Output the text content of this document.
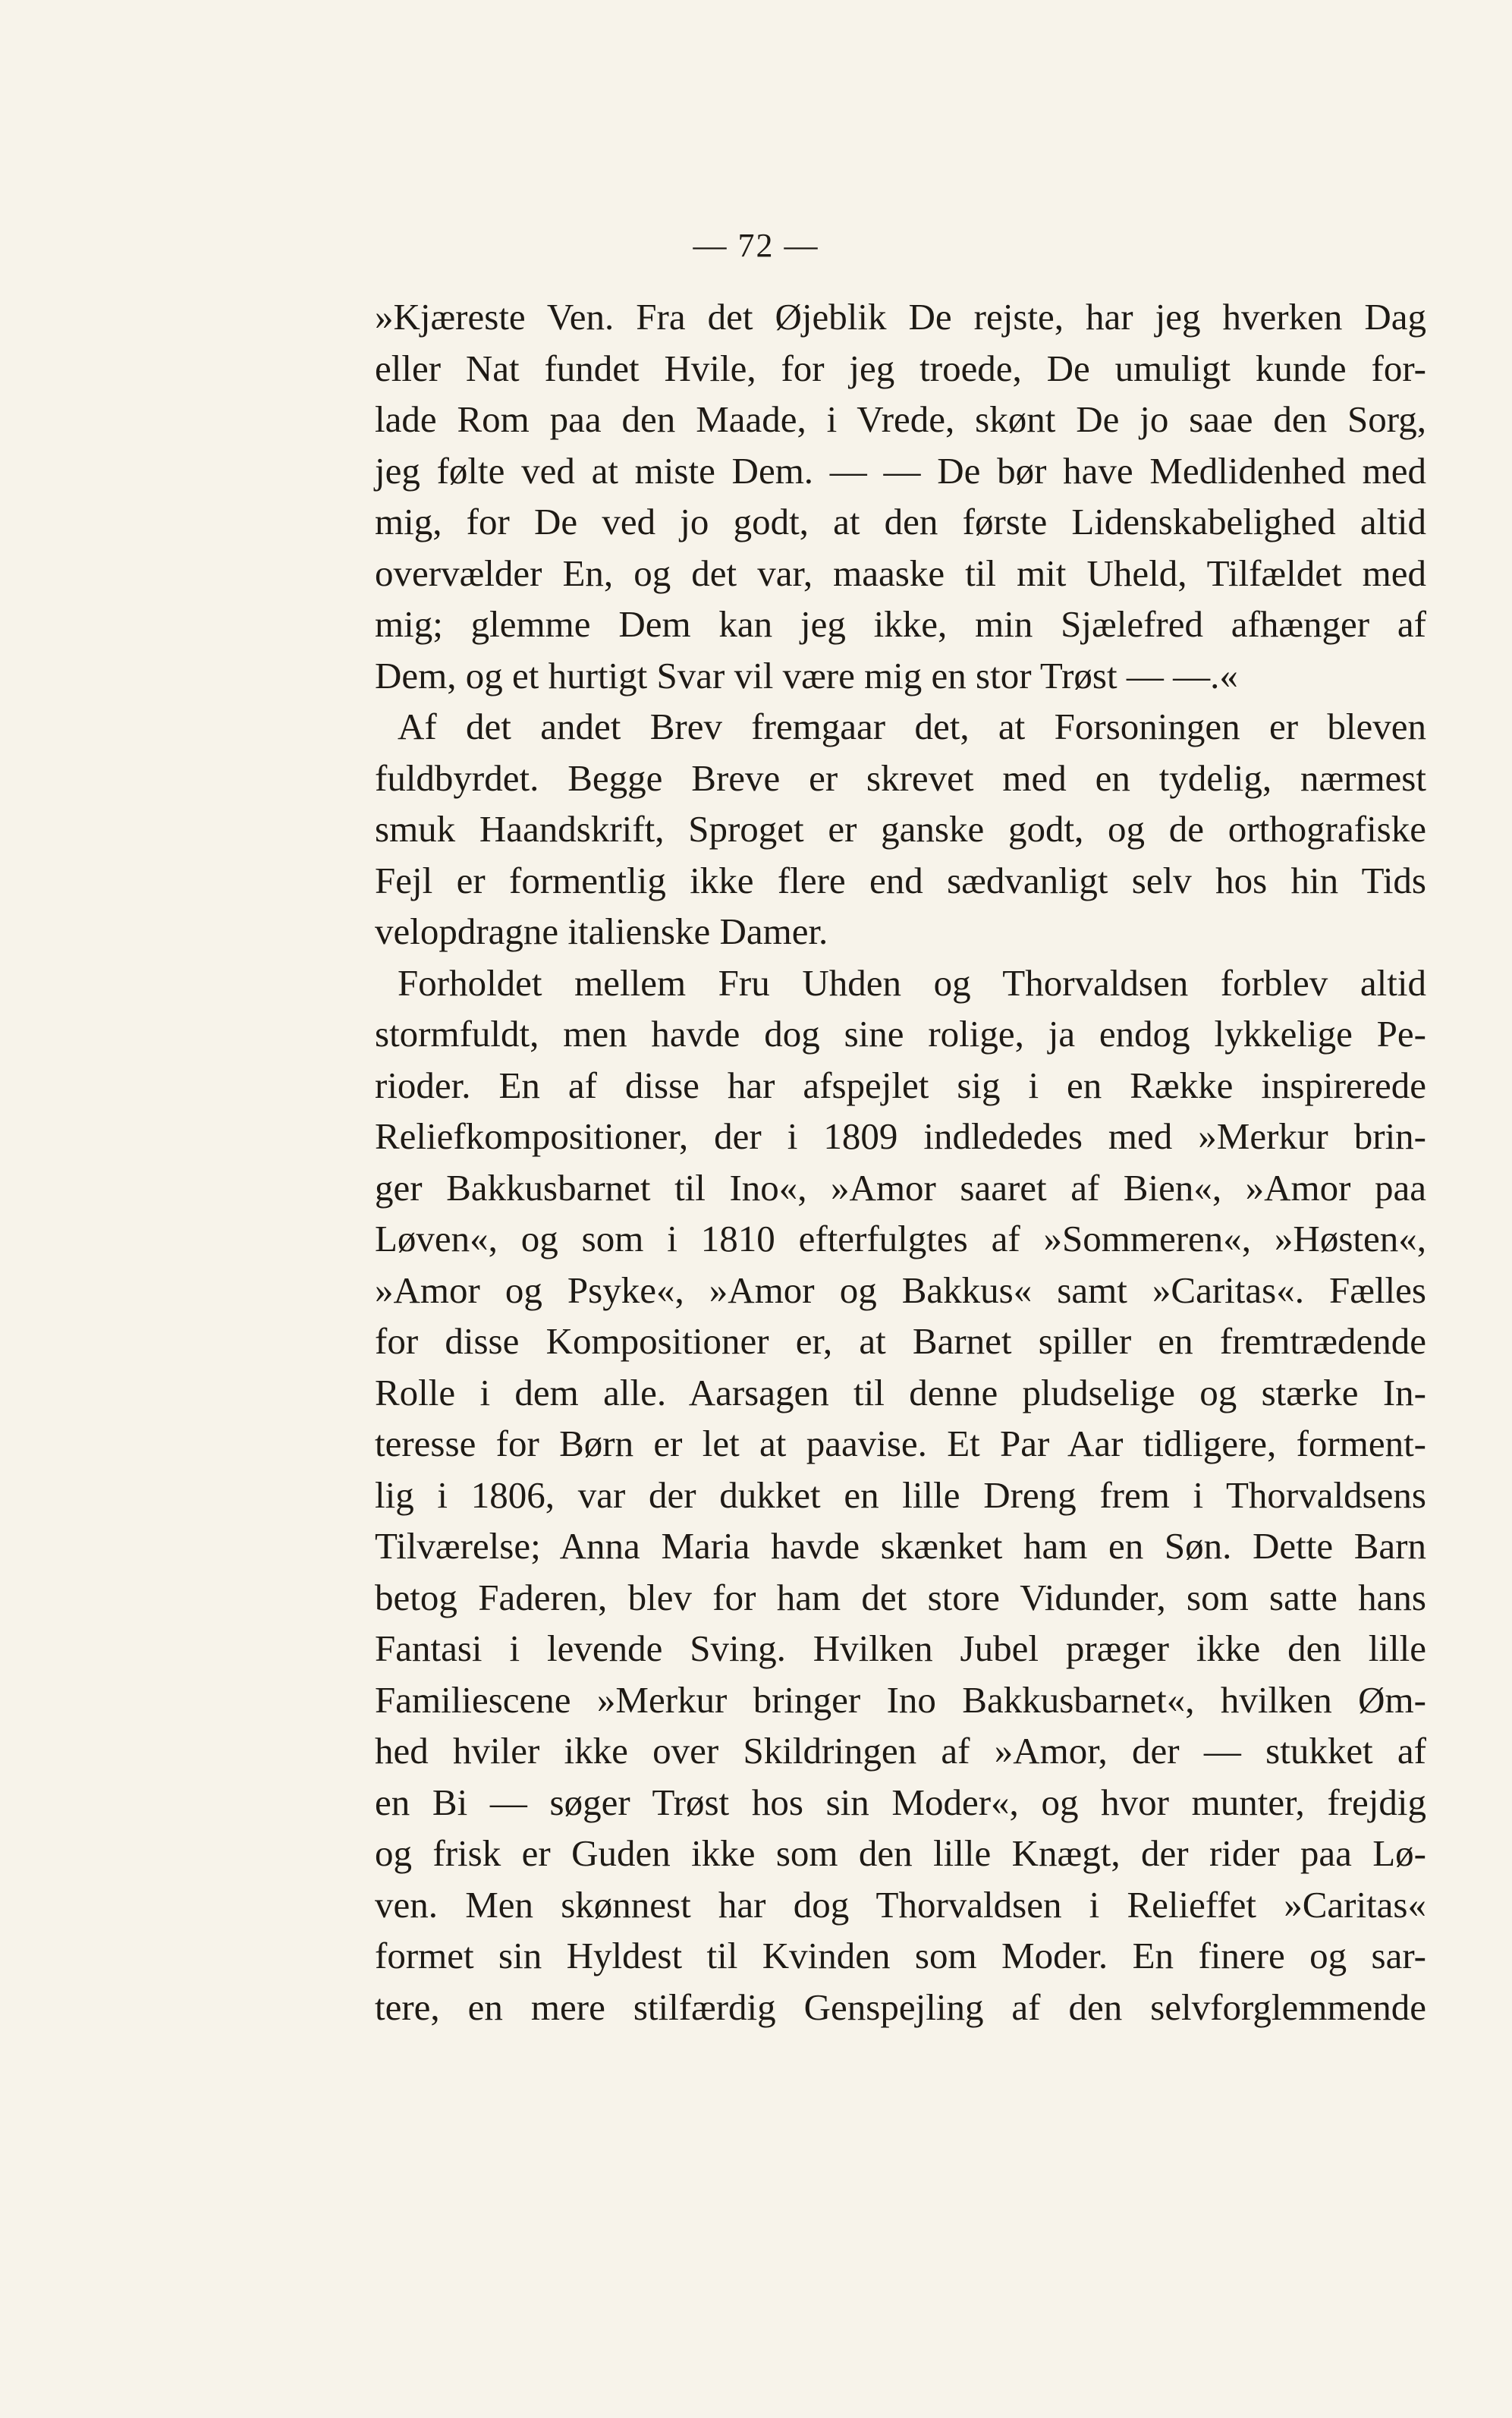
— 72 —
»Kjæreste Ven. Fra det Øjeblik De rejste, har jeg hverken Dag
eller Nat fundet Hvile, for jeg troede, De umuligt kunde for-
lade Rom paa den Maade, i Vrede, skønt De jo saae den Sorg,
jeg følte ved at miste Dem. — — De bør have Medlidenhed med
mig, for De ved jo godt, at den første Lidenskabelighed altid
overvælder En, og det var, maaske til mit Uheld, Tilfældet med
mig; glemme Dem kan jeg ikke, min Sjælefred afhænger af
Dem, og et hurtigt Svar vil være mig en stor Trøst — —.«
Af det andet Brev fremgaar det, at Forsoningen er bleven
fuldbyrdet. Begge Breve er skrevet med en tydelig, nærmest
smuk Haandskrift, Sproget er ganske godt, og de orthografiske
Fejl er formentlig ikke flere end sædvanligt selv hos hin Tids
velopdragne italienske Damer.
Forholdet mellem Fru Uhden og Thorvaldsen forblev altid
stormfuldt, men havde dog sine rolige, ja endog lykkelige Pe-
rioder. En af disse har afspejlet sig i en Række inspirerede
Reliefkompositioner, der i 1809 indlededes med »Merkur brin-
ger Bakkusbarnet til Ino«, »Amor saaret af Bien«, »Amor paa
Løven«, og som i 1810 efterfulgtes af »Sommeren«, »Høsten«,
»Amor og Psyke«, »Amor og Bakkus« samt »Caritas«. Fælles
for disse Kompositioner er, at Barnet spiller en fremtrædende
Rolle i dem alle. Aarsagen til denne pludselige og stærke In-
teresse for Børn er let at paavise. Et Par Aar tidligere, forment-
lig i 1806, var der dukket en lille Dreng frem i Thorvaldsens
Tilværelse; Anna Maria havde skænket ham en Søn. Dette Barn
betog Faderen, blev for ham det store Vidunder, som satte hans
Fantasi i levende Sving. Hvilken Jubel præger ikke den lille
Familiescene »Merkur bringer Ino Bakkusbarnet«, hvilken Øm-
hed hviler ikke over Skildringen af »Amor, der — stukket af
en Bi — søger Trøst hos sin Moder«, og hvor munter, frejdig
og frisk er Guden ikke som den lille Knægt, der rider paa Lø-
ven. Men skønnest har dog Thorvaldsen i Relieffet »Caritas«
formet sin Hyldest til Kvinden som Moder. En finere og sar-
tere, en mere stilfærdig Genspejling af den selvforglemmende
